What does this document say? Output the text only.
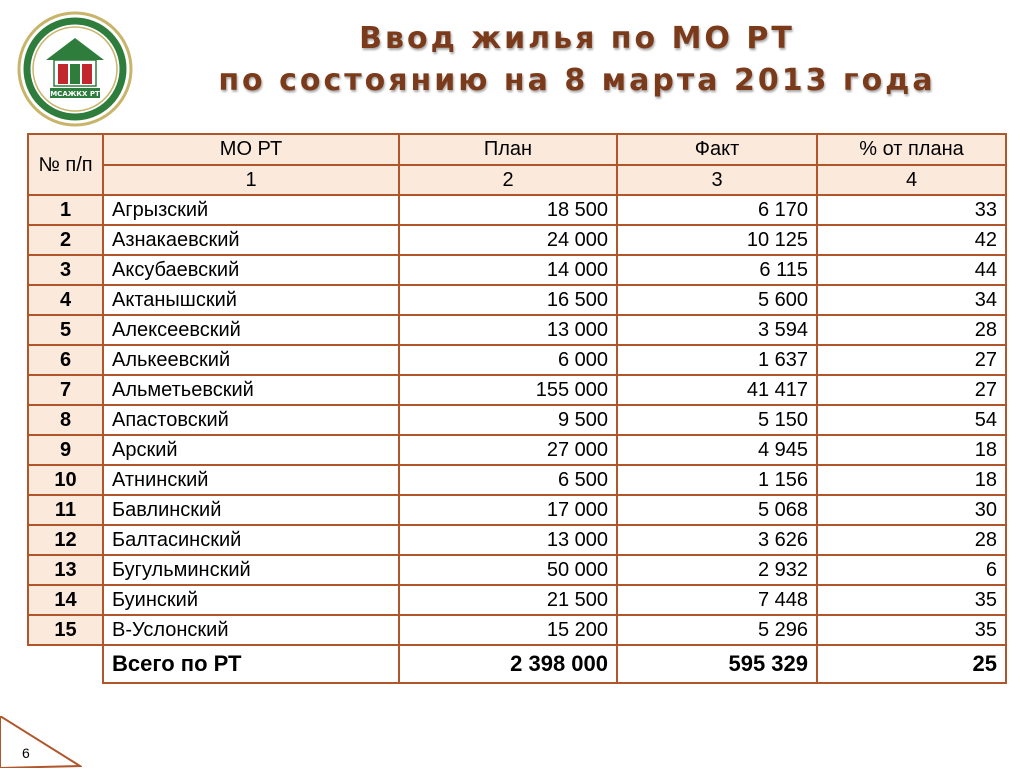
МСАЖКХ РТ
Ввод жилья по МО РТ
по состоянию на 8 марта 2013 года
№ п/п	МО РТ	План	Факт	% от плана
	1	2	3	4
1	Агрызский	18 500	6 170	33
2	Азнакаевский	24 000	10 125	42
3	Аксубаевский	14 000	6 115	44
4	Актанышский	16 500	5 600	34
5	Алексеевский	13 000	3 594	28
6	Алькеевский	6 000	1 637	27
7	Альметьевский	155 000	41 417	27
8	Апастовский	9 500	5 150	54
9	Арский	27 000	4 945	18
10	Атнинский	6 500	1 156	18
11	Бавлинский	17 000	5 068	30
12	Балтасинский	13 000	3 626	28
13	Бугульминский	50 000	2 932	6
14	Буинский	21 500	7 448	35
15	В-Услонский	15 200	5 296	35
	Всего по РТ	2 398 000	595 329	25
6
